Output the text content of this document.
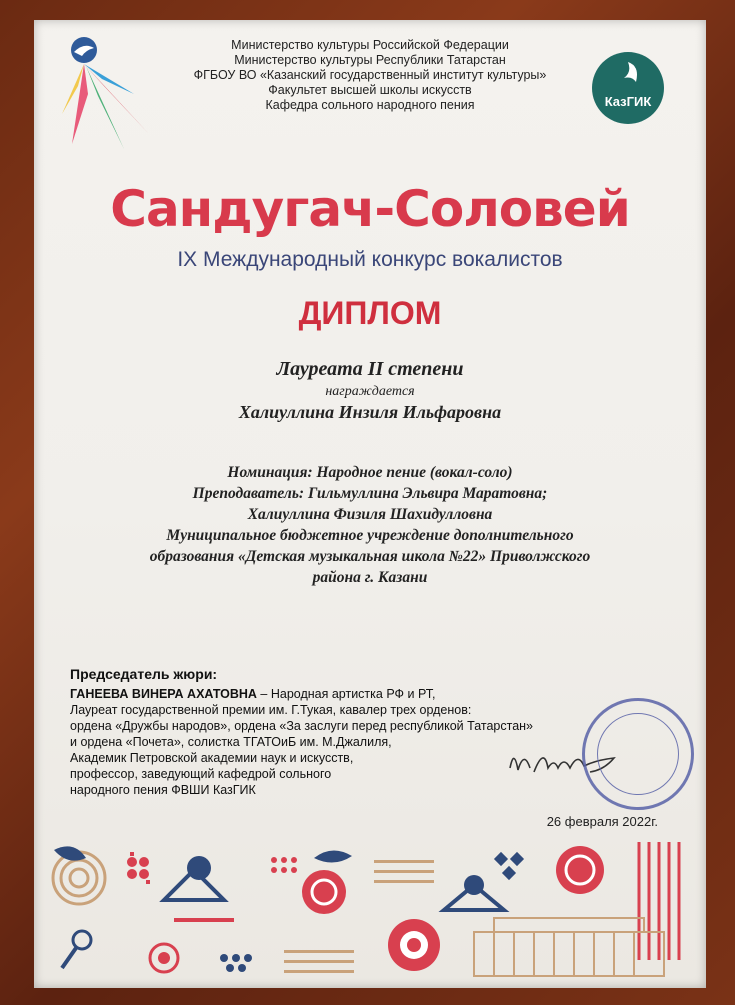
Министерство культуры Российской Федерации
Министерство культуры Республики Татарстан
ФГБОУ ВО «Казанский государственный институт культуры»
Факультет высшей школы искусств
Кафедра сольного народного пения	КазГИК
Сандугач-Соловей
IX Международный конкурс вокалистов
ДИПЛОМ
Лауреата II степени
награждается
Халиуллина Инзиля Ильфаровна
Номинация: Народное пение (вокал-соло)
Преподаватель: Гильмуллина Эльвира Маратовна;
Халиуллина Физиля Шахидулловна
Муниципальное бюджетное учреждение дополнительного
образования «Детская музыкальная школа №22» Приволжского
района г. Казани
Председатель жюри:
ГАНЕЕВА ВИНЕРА АХАТОВНА – Народная артистка РФ и РТ,
Лауреат государственной премии им. Г.Тукая, кавалер трех орденов:
ордена «Дружбы народов», ордена «За заслуги перед республикой Татарстан»
и ордена «Почета», солистка ТГАТОиБ им. М.Джалиля,
Академик Петровской академии наук и искусств,
профессор, заведующий кафедрой сольного
народного пения ФВШИ КазГИК
26 февраля 2022г.
